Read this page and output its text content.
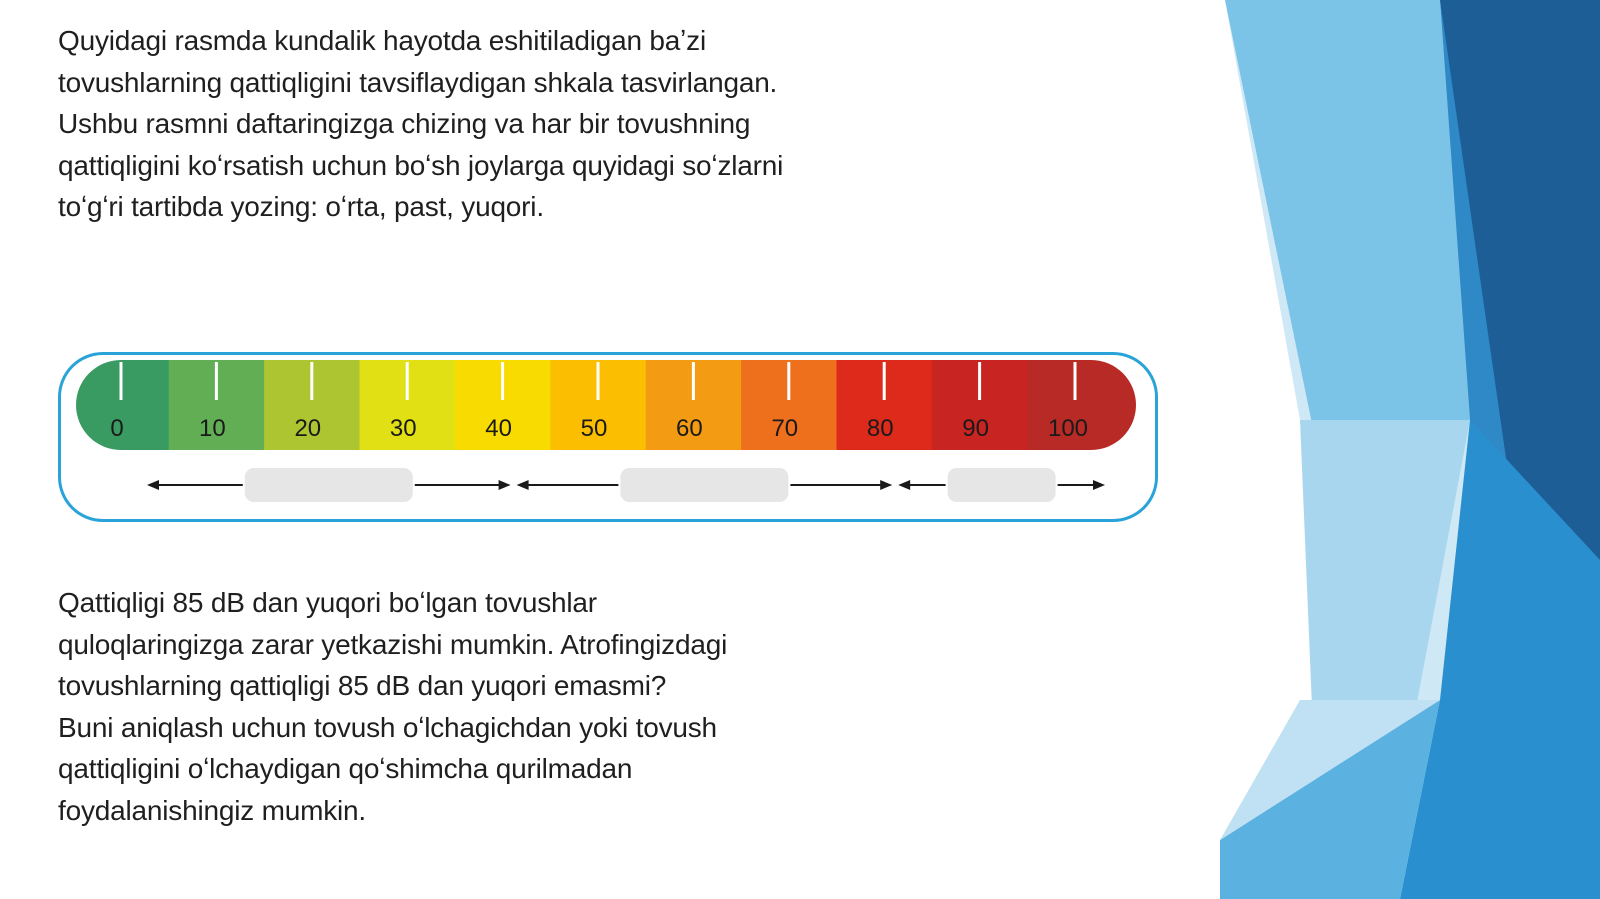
Quyidagi rasmda kundalik hayotda eshitiladigan baʼzi
tovushlarning qattiqligini tavsiflaydigan shkala tasvirlangan.
Ushbu rasmni daftaringizga chizing va har bir tovushning
qattiqligini koʻrsatish uchun boʻsh joylarga quyidagi soʻzlarni
toʻgʻri tartibda yozing: oʻrta, past, yuqori.

0	10	20	30	40	50	60	70	80	90 100

Qattiqligi 85 dB dan yuqori boʻlgan tovushlar
quloqlaringizga zarar yetkazishi mumkin. Atrofingizdagi
tovushlarning qattiqligi 85 dB dan yuqori emasmi?
Buni aniqlash uchun tovush oʻlchagichdan yoki tovush
qattiqligini oʻlchaydigan qoʻshimcha qurilmadan
foydalanishingiz mumkin.
